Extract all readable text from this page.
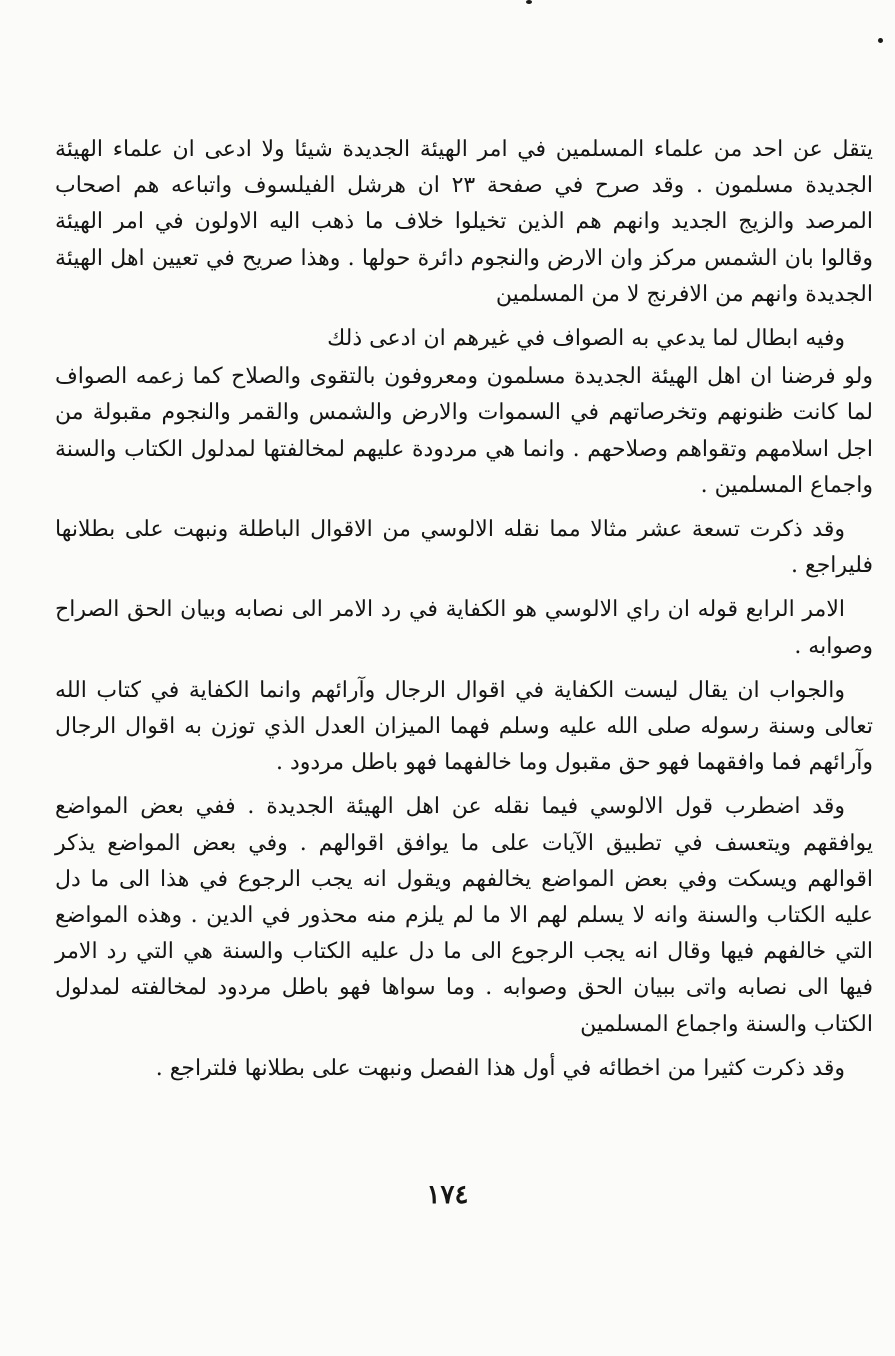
يتقل عن احد من علماء المسلمين في امر الهيئة الجديدة شيئا ولا ادعى ان علماء الهيئة الجديدة مسلمون . وقد صرح في صفحة ٢٣ ان هرشل الفيلسوف واتباعه هم اصحاب المرصد والزيج الجديد وانهم هم الذين تخيلوا خلاف ما ذهب اليه الاولون في امر الهيئة وقالوا بان الشمس مركز وان الارض والنجوم دائرة حولها . وهذا صريح في تعيين اهل الهيئة الجديدة وانهم من الافرنج لا من المسلمين

وفيه ابطال لما يدعي به الصواف في غيرهم ان ادعى ذلك

ولو فرضنا ان اهل الهيئة الجديدة مسلمون ومعروفون بالتقوى والصلاح كما زعمه الصواف لما كانت ظنونهم وتخرصاتهم في السموات والارض والشمس والقمر والنجوم مقبولة من اجل اسلامهم وتقواهم وصلاحهم . وانما هي مردودة عليهم لمخالفتها لمدلول الكتاب والسنة واجماع المسلمين .

وقد ذكرت تسعة عشر مثالا مما نقله الالوسي من الاقوال الباطلة ونبهت على بطلانها فليراجع .

الامر الرابع قوله ان راي الالوسي هو الكفاية في رد الامر الى نصابه وبيان الحق الصراح وصوابه .

والجواب ان يقال ليست الكفاية في اقوال الرجال وآرائهم وانما الكفاية في كتاب الله تعالى وسنة رسوله صلى الله عليه وسلم فهما الميزان العدل الذي توزن به اقوال الرجال وآرائهم فما وافقهما فهو حق مقبول وما خالفهما فهو باطل مردود .

وقد اضطرب قول الالوسي فيما نقله عن اهل الهيئة الجديدة . ففي بعض المواضع يوافقهم ويتعسف في تطبيق الآيات على ما يوافق اقوالهم . وفي بعض المواضع يذكر اقوالهم ويسكت وفي بعض المواضع يخالفهم ويقول انه يجب الرجوع في هذا الى ما دل عليه الكتاب والسنة وانه لا يسلم لهم الا ما لم يلزم منه محذور في الدين . وهذه المواضع التي خالفهم فيها وقال انه يجب الرجوع الى ما دل عليه الكتاب والسنة هي التي رد الامر فيها الى نصابه واتى ببيان الحق وصوابه . وما سواها فهو باطل مردود لمخالفته لمدلول الكتاب والسنة واجماع المسلمين

وقد ذكرت كثيرا من اخطائه في أول هذا الفصل ونبهت على بطلانها فلتراجع .

١٧٤
